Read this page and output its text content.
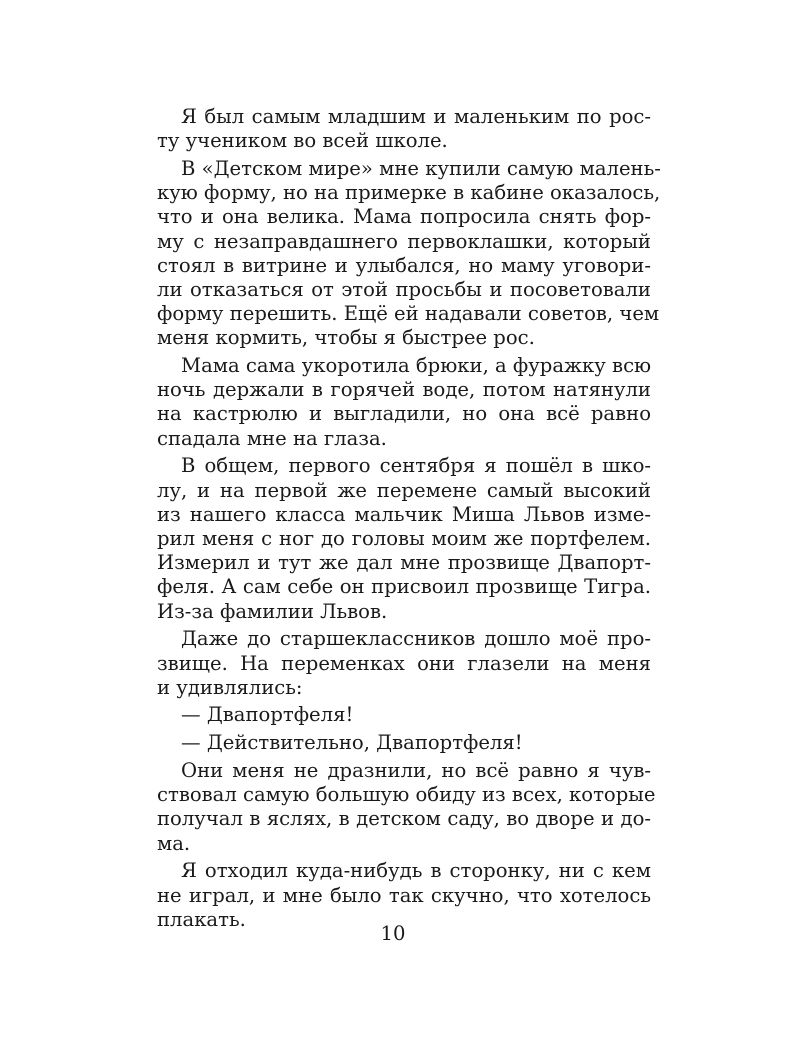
Я был самым младшим и маленьким по рос-
ту учеником во всей школе.
В «Детском мире» мне купили самую малень-
кую форму, но на примерке в кабине оказалось,
что и она велика. Мама попросила снять фор-
му с незаправдашнего первоклашки, который
стоял в витрине и улыбался, но маму уговори-
ли отказаться от этой просьбы и посоветовали
форму перешить. Ещё ей надавали советов, чем
меня кормить, чтобы я быстрее рос.
Мама сама укоротила брюки, а фуражку всю
ночь держали в горячей воде, потом натянули
на кастрюлю и выгладили, но она всё равно
спадала мне на глаза.
В общем, первого сентября я пошёл в шко-
лу, и на первой же перемене самый высокий
из нашего класса мальчик Миша Львов изме-
рил меня с ног до головы моим же портфелем.
Измерил и тут же дал мне прозвище Двапорт-
феля. А сам себе он присвоил прозвище Тигра.
Из-за фамилии Львов.
Даже до старшеклассников дошло моё про-
звище. На переменках они глазели на меня
и удивлялись:
— Двапортфеля!
— Действительно, Двапортфеля!
Они меня не дразнили, но всё равно я чув-
ствовал самую большую обиду из всех, которые
получал в яслях, в детском саду, во дворе и до-
ма.
Я отходил куда-нибудь в сторонку, ни с кем
не играл, и мне было так скучно, что хотелось
плакать.
10
